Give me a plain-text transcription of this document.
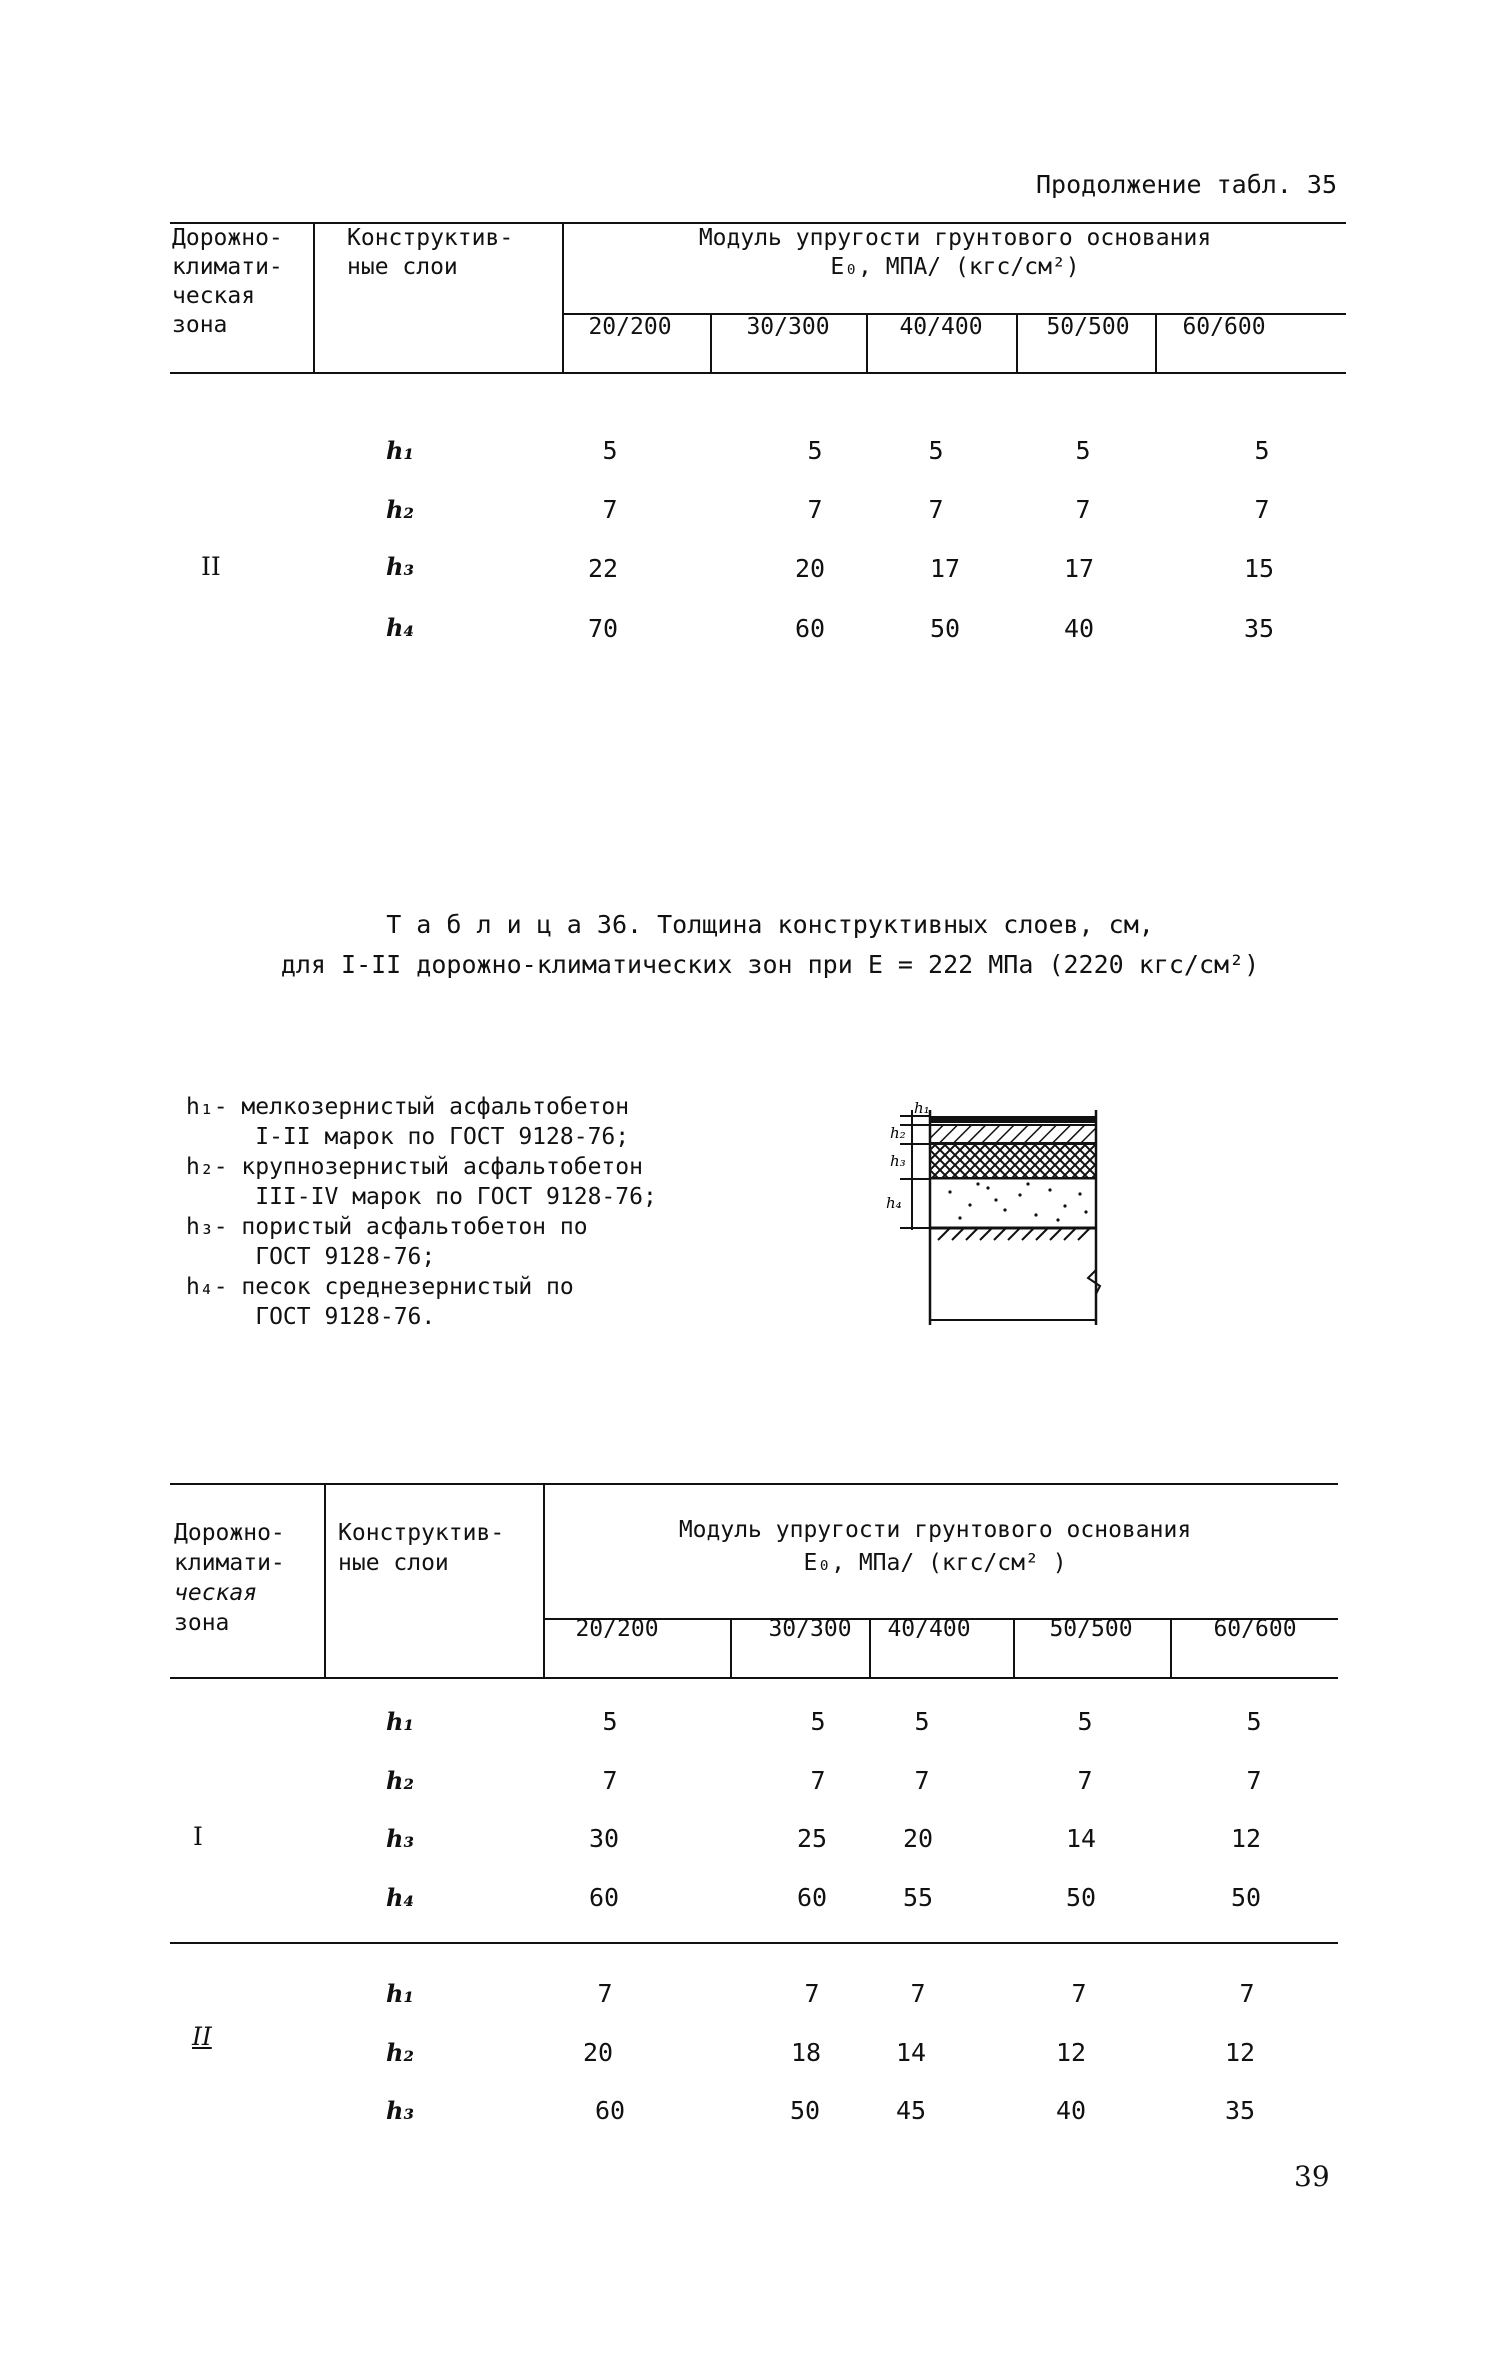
Продолжение табл. 35
Дорожно-
климати-
ческая
зона
Конструктив-
ные слои
Модуль упругости грунтового основания
E₀, МПА/ (кгс/см²)
20/200	30/300	40/400	50/500 60/600
II
h₁	5	5	5	5	5
h₂	7	7	7	7	7
h₃	22	20	17	17	15
h₄	70	60	50	40	35
Т а б л и ц а 36. Толщина конструктивных слоев, см,
для I-II дорожно-климатических зон при E = 222 МПа (2220 кгс/см²)
h₁- мелкозернистый асфальтобетон
I-II марок по ГОСТ 9128-76;
h₂- крупнозернистый асфальтобетон
III-IV марок по ГОСТ 9128-76;
h₃- пористый асфальтобетон по
ГОСТ 9128-76;
h₄- песок среднезернистый по
ГОСТ 9128-76.
h₁
h₂
h₃
h₄
Дорожно-
климати-
ческая
зона
Конструктив-
ные слои
Модуль упругости грунтового основания
E₀, МПа/ (кгс/см² )
20/200	30/300 40/400	50/500	60/600
I
h₁	5	5	5	5	5
h₂	7	7	7	7	7
h₃	30	25	20	14	12
h₄	60	60	55	50	50
II
h₁	7	7	7	7	7
h₂	20	18	14	12	12
h₃	60	50	45	40	35
39
